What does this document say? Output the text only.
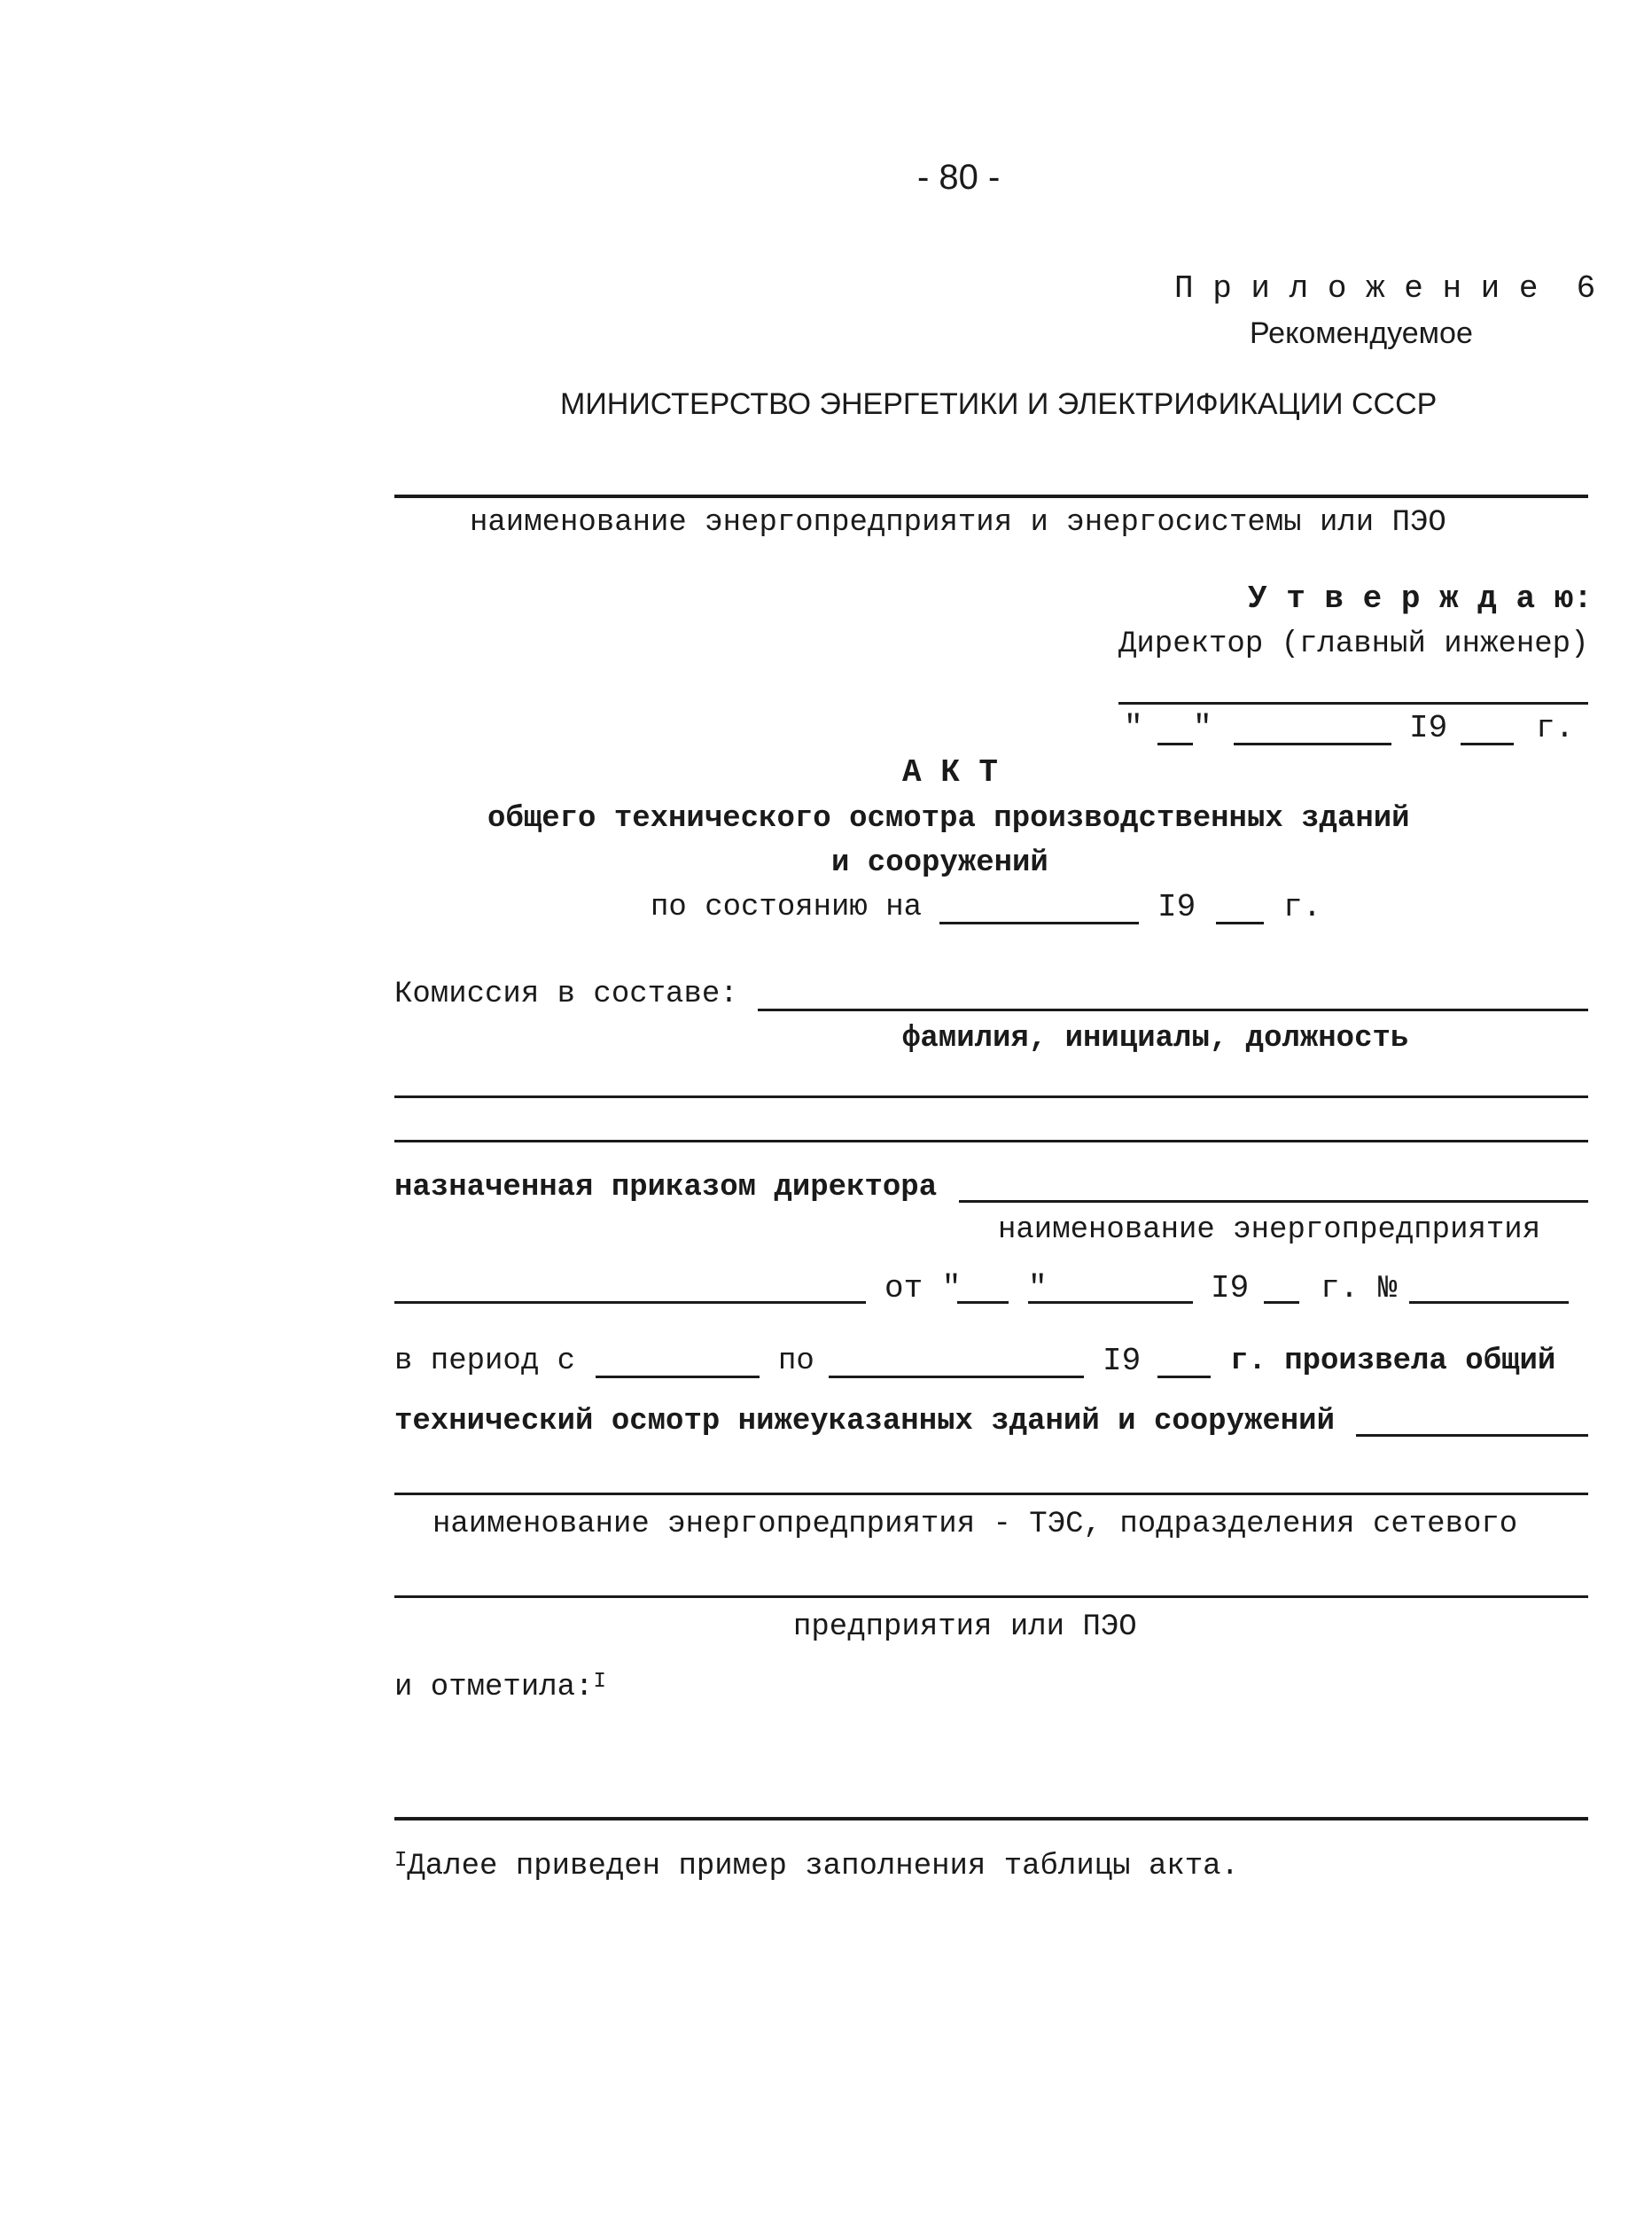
- 80 -
П р и л о ж е н и е  6
Рекомендуемое
МИНИСТЕРСТВО ЭНЕРГЕТИКИ И ЭЛЕКТРИФИКАЦИИ СССР
наименование энергопредприятия и энергосистемы или ПЭО
У т в е р ж д а ю:
Директор (главный инженер)
" "	I9	г.
А К Т
общего технического осмотра производственных зданий
и сооружений
по состоянию на	I9	г.
Комиссия в составе:
фамилия, инициалы, должность
назначенная приказом директора
наименование энергопредприятия
от " "	I9 г. №
в период с	по	I9	г. произвела общий
технический осмотр нижеуказанных зданий и сооружений
наименование энергопредприятия - ТЭС, подразделения сетевого
предприятия или ПЭО
и отметила:$^I$
$^I$Далее приведен пример заполнения таблицы акта.
